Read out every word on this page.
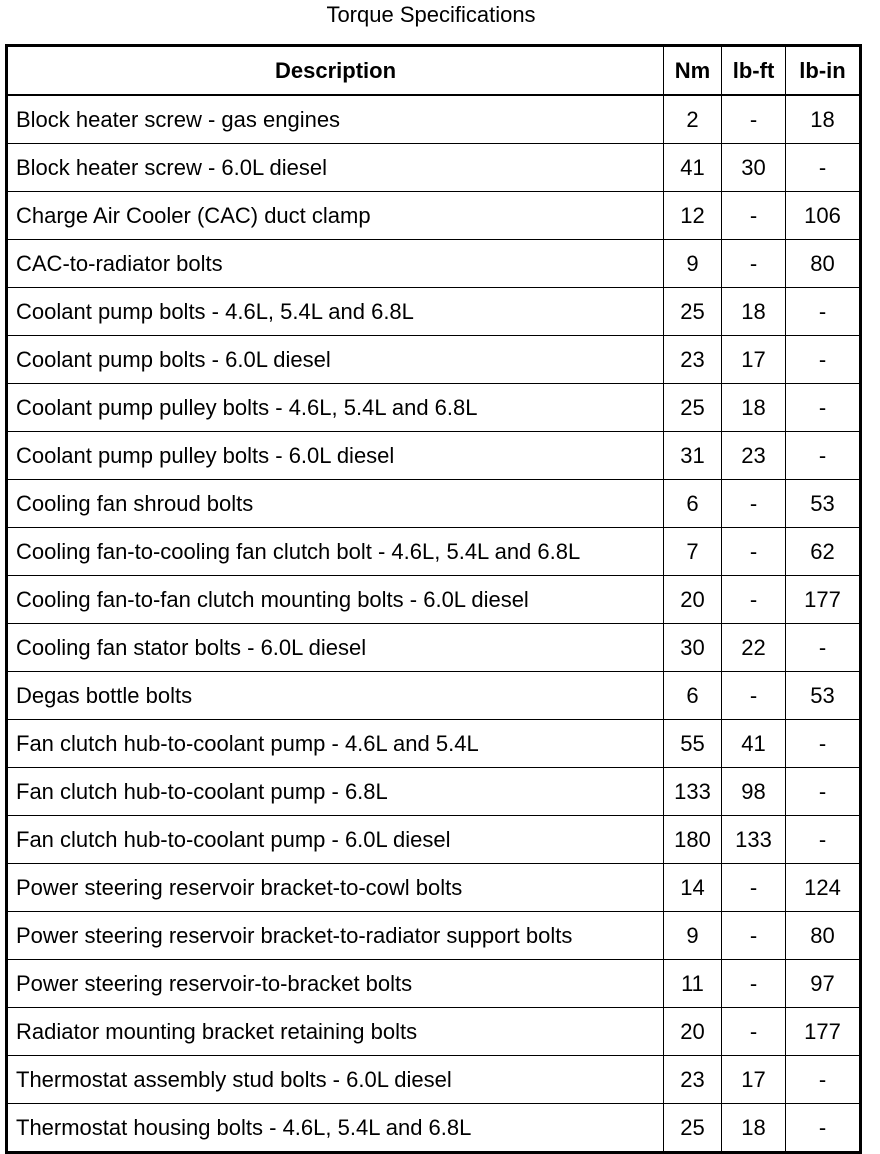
Torque Specifications
Description	Nm	lb-ft	lb-in
Block heater screw - gas engines	2	-	18
Block heater screw - 6.0L diesel	41	30	-
Charge Air Cooler (CAC) duct clamp	12	-	106
CAC-to-radiator bolts	9	-	80
Coolant pump bolts - 4.6L, 5.4L and 6.8L	25	18	-
Coolant pump bolts - 6.0L diesel	23	17	-
Coolant pump pulley bolts - 4.6L, 5.4L and 6.8L	25	18	-
Coolant pump pulley bolts - 6.0L diesel	31	23	-
Cooling fan shroud bolts	6	-	53
Cooling fan-to-cooling fan clutch bolt - 4.6L, 5.4L and 6.8L	7	-	62
Cooling fan-to-fan clutch mounting bolts - 6.0L diesel	20	-	177
Cooling fan stator bolts - 6.0L diesel	30	22	-
Degas bottle bolts	6	-	53
Fan clutch hub-to-coolant pump - 4.6L and 5.4L	55	41	-
Fan clutch hub-to-coolant pump - 6.8L	133	98	-
Fan clutch hub-to-coolant pump - 6.0L diesel	180	133	-
Power steering reservoir bracket-to-cowl bolts	14	-	124
Power steering reservoir bracket-to-radiator support bolts	9	-	80
Power steering reservoir-to-bracket bolts	11	-	97
Radiator mounting bracket retaining bolts	20	-	177
Thermostat assembly stud bolts - 6.0L diesel	23	17	-
Thermostat housing bolts - 4.6L, 5.4L and 6.8L	25	18	-
